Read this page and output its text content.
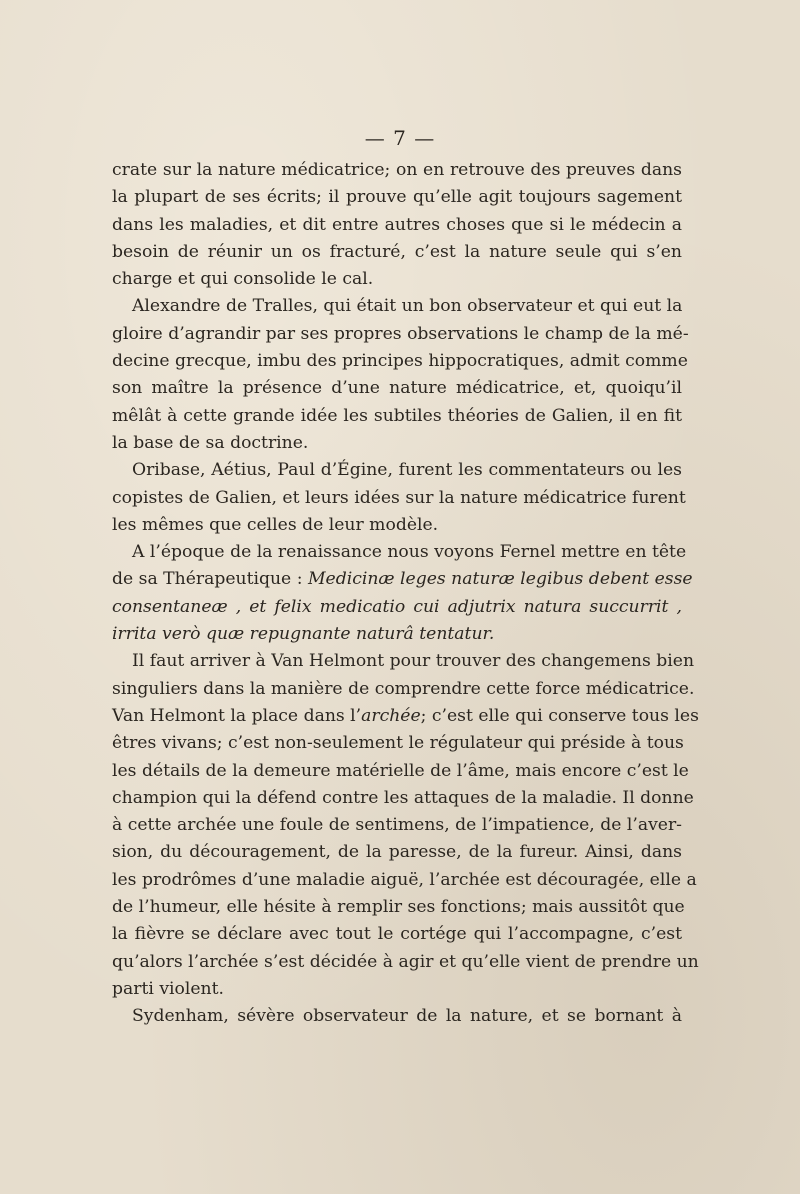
— 7 —
crate sur la nature médicatrice; on en retrouve des preuves dans
la plupart de ses écrits; il prouve qu’elle agit toujours sagement
dans les maladies, et dit entre autres choses que si le médecin a
besoin de réunir un os fracturé, c’est la nature seule qui s’en
charge et qui consolide le cal.
Alexandre de Tralles, qui était un bon observateur et qui eut la
gloire d’agrandir par ses propres observations le champ de la mé-
decine grecque, imbu des principes hippocratiques, admit comme
son maître la présence d’une nature médicatrice, et, quoiqu’il
mêlât à cette grande idée les subtiles théories de Galien, il en fit
la base de sa doctrine.
Oribase, Aétius, Paul d’Égine, furent les commentateurs ou les
copistes de Galien, et leurs idées sur la nature médicatrice furent
les mêmes que celles de leur modèle.
A l’époque de la renaissance nous voyons Fernel mettre en tête
de sa Thérapeutique : Medicinæ leges naturæ legibus debent esse
consentaneæ , et felix medicatio cui adjutrix natura succurrit ,
irrita verò quæ repugnante naturâ tentatur.
Il faut arriver à Van Helmont pour trouver des changemens bien
singuliers dans la manière de comprendre cette force médicatrice.
Van Helmont la place dans l’archée; c’est elle qui conserve tous les
êtres vivans; c’est non-seulement le régulateur qui préside à tous
les détails de la demeure matérielle de l’âme, mais encore c’est le
champion qui la défend contre les attaques de la maladie. Il donne
à cette archée une foule de sentimens, de l’impatience, de l’aver-
sion, du découragement, de la paresse, de la fureur. Ainsi, dans
les prodrômes d’une maladie aiguë, l’archée est découragée, elle a
de l’humeur, elle hésite à remplir ses fonctions; mais aussitôt que
la fièvre se déclare avec tout le cortége qui l’accompagne, c’est
qu’alors l’archée s’est décidée à agir et qu’elle vient de prendre un
parti violent.
Sydenham, sévère observateur de la nature, et se bornant à
